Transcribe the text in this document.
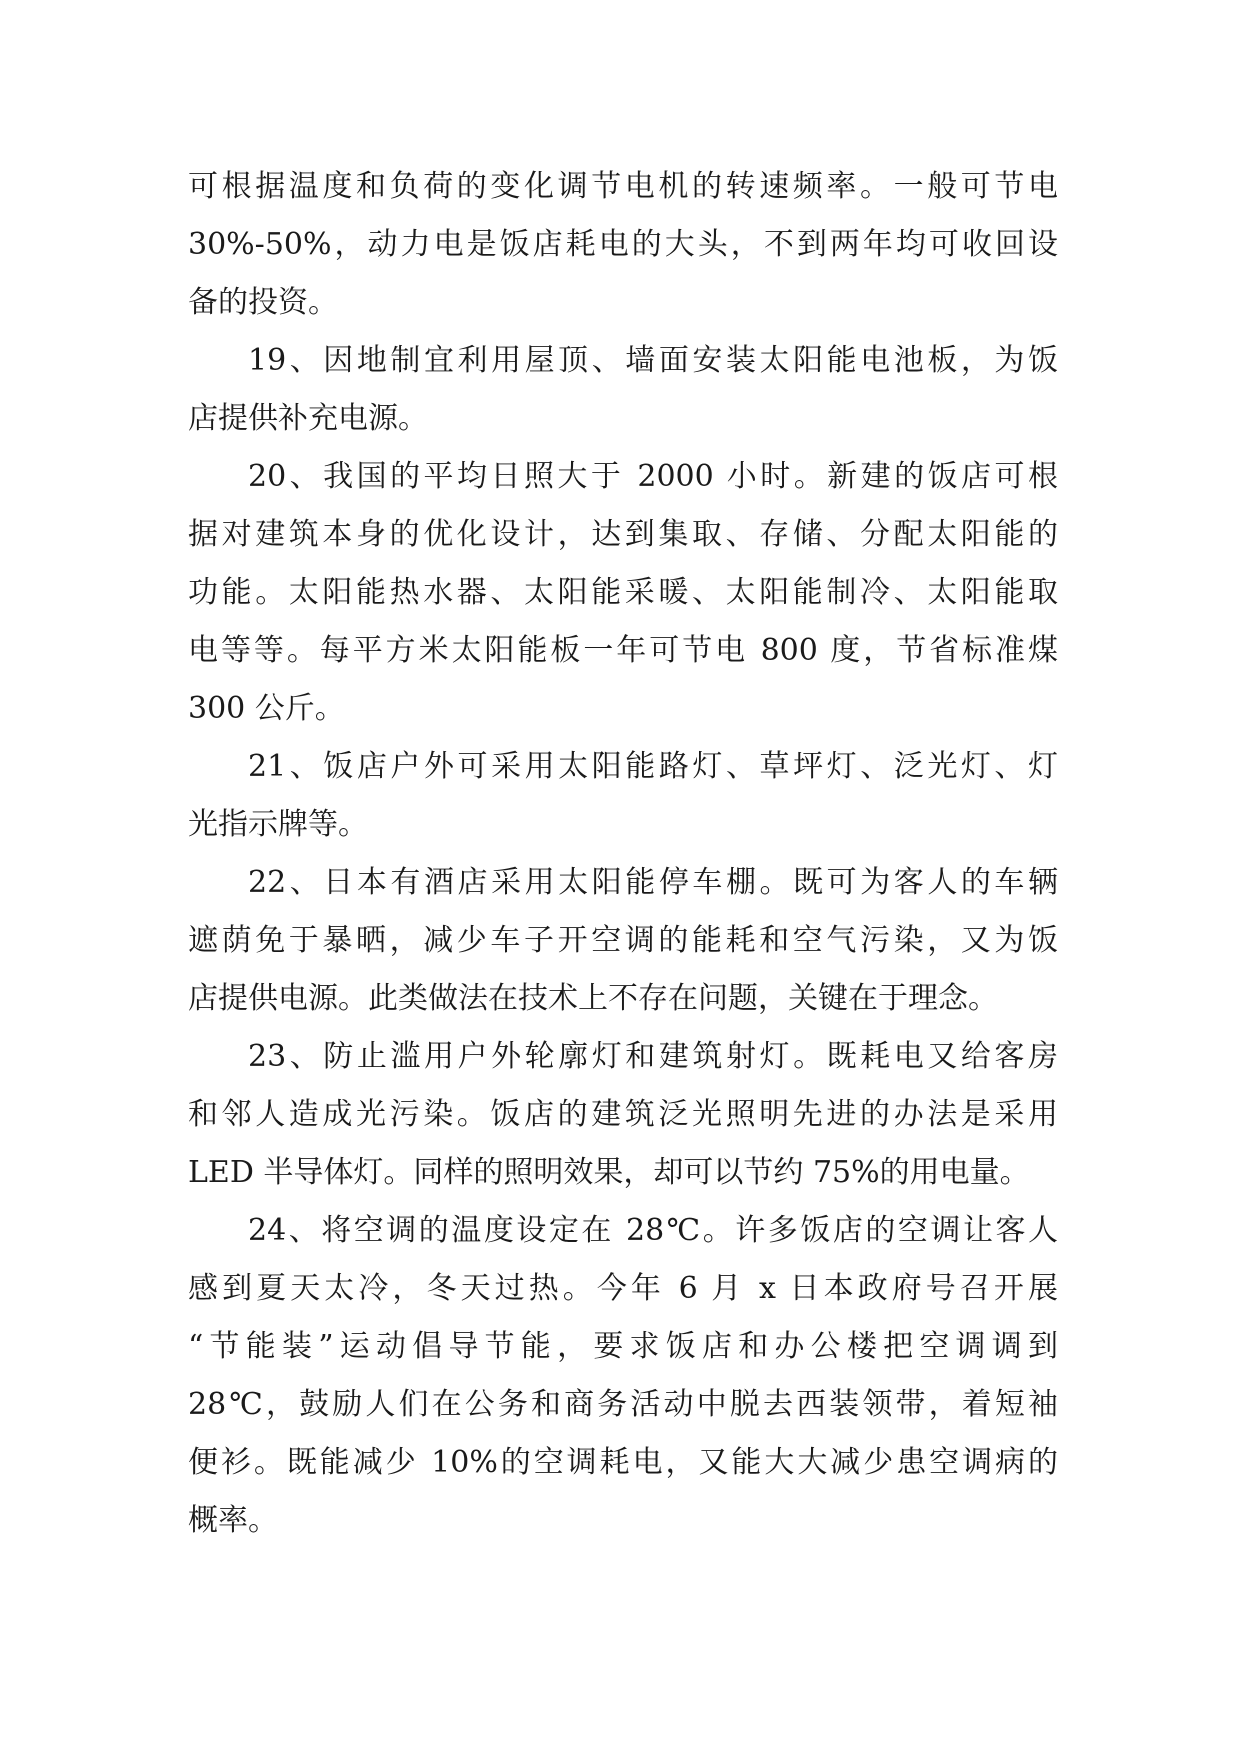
可根据温度和负荷的变化调节电机的转速频率。一般可节电
30%-50%，动力电是饭店耗电的大头，不到两年均可收回设
备的投资。
19、因地制宜利用屋顶、墙面安装太阳能电池板，为饭
店提供补充电源。
20、我国的平均日照大于 2000 小时。新建的饭店可根
据对建筑本身的优化设计，达到集取、存储、分配太阳能的
功能。太阳能热水器、太阳能采暖、太阳能制冷、太阳能取
电等等。每平方米太阳能板一年可节电 800 度，节省标准煤
300 公斤。
21、饭店户外可采用太阳能路灯、草坪灯、泛光灯、灯
光指示牌等。
22、日本有酒店采用太阳能停车棚。既可为客人的车辆
遮荫免于暴晒，减少车子开空调的能耗和空气污染，又为饭
店提供电源。此类做法在技术上不存在问题，关键在于理念。
23、防止滥用户外轮廓灯和建筑射灯。既耗电又给客房
和邻人造成光污染。饭店的建筑泛光照明先进的办法是采用
LED 半导体灯。同样的照明效果，却可以节约 75%的用电量。
24、将空调的温度设定在 28℃。许多饭店的空调让客人
感到夏天太冷，冬天过热。今年 6 月 x 日本政府号召开展
“节能装”运动倡导节能，要求饭店和办公楼把空调调到
28℃，鼓励人们在公务和商务活动中脱去西装领带，着短袖
便衫。既能减少 10%的空调耗电，又能大大减少患空调病的
概率。
